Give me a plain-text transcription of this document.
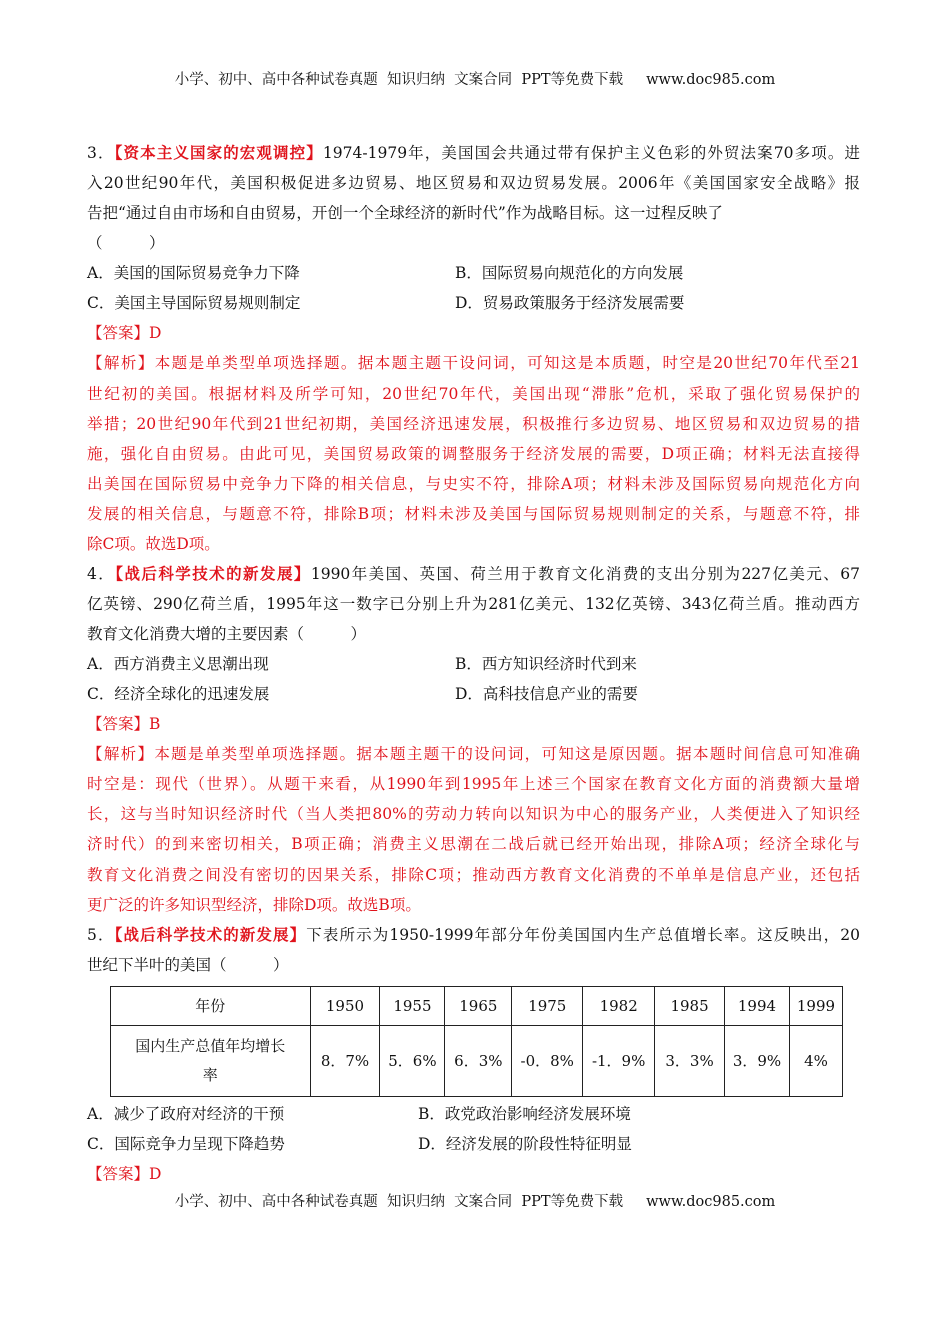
小学、初中、高中各种试卷真题  知识归纳  文案合同  PPT等免费下载     www.doc985.com
3．【资本主义国家的宏观调控】1974-1979年，美国国会共通过带有保护主义色彩的外贸法案70多项。进
入20世纪90年代，美国积极促进多边贸易、地区贸易和双边贸易发展。2006年《美国国家安全战略》报
告把“通过自由市场和自由贸易，开创一个全球经济的新时代”作为战略目标。这一过程反映了
（　　　）
A．美国的国际贸易竞争力下降	B．国际贸易向规范化的方向发展
C．美国主导国际贸易规则制定	D．贸易政策服务于经济发展需要
【答案】D
【解析】本题是单类型单项选择题。据本题主题干设问词，可知这是本质题，时空是20世纪70年代至21
世纪初的美国。根据材料及所学可知，20世纪70年代，美国出现“滞胀”危机，采取了强化贸易保护的
举措；20世纪90年代到21世纪初期，美国经济迅速发展，积极推行多边贸易、地区贸易和双边贸易的措
施，强化自由贸易。由此可见，美国贸易政策的调整服务于经济发展的需要，D项正确；材料无法直接得
出美国在国际贸易中竞争力下降的相关信息，与史实不符，排除A项；材料未涉及国际贸易向规范化方向
发展的相关信息，与题意不符，排除B项；材料未涉及美国与国际贸易规则制定的关系，与题意不符，排
除C项。故选D项。
4．【战后科学技术的新发展】1990年美国、英国、荷兰用于教育文化消费的支出分别为227亿美元、67
亿英镑、290亿荷兰盾，1995年这一数字已分别上升为281亿美元、132亿英镑、343亿荷兰盾。推动西方
教育文化消费大增的主要因素（　　　）
A．西方消费主义思潮出现	B．西方知识经济时代到来
C．经济全球化的迅速发展	D．高科技信息产业的需要
【答案】B
【解析】本题是单类型单项选择题。据本题主题干的设问词，可知这是原因题。据本题时间信息可知准确
时空是：现代（世界）。从题干来看，从1990年到1995年上述三个国家在教育文化方面的消费额大量增
长，这与当时知识经济时代（当人类把80%的劳动力转向以知识为中心的服务产业，人类便进入了知识经
济时代）的到来密切相关，B项正确；消费主义思潮在二战后就已经开始出现，排除A项；经济全球化与
教育文化消费之间没有密切的因果关系，排除C项；推动西方教育文化消费的不单单是信息产业，还包括
更广泛的许多知识型经济，排除D项。故选B项。
5．【战后科学技术的新发展】下表所示为1950-1999年部分年份美国国内生产总值增长率。这反映出，20
世纪下半叶的美国（　　　）
年份	1950	1955	1965	1975	1982	1985	1994	1999

国内生产总值年均增长
率	8．7%	5．6%	6．3%	-0．8%	-1．9%	3．3%	3．9%	4%
A．减少了政府对经济的干预	B．政党政治影响经济发展环境
C．国际竞争力呈现下降趋势	D．经济发展的阶段性特征明显
【答案】D
小学、初中、高中各种试卷真题  知识归纳  文案合同  PPT等免费下载     www.doc985.com
